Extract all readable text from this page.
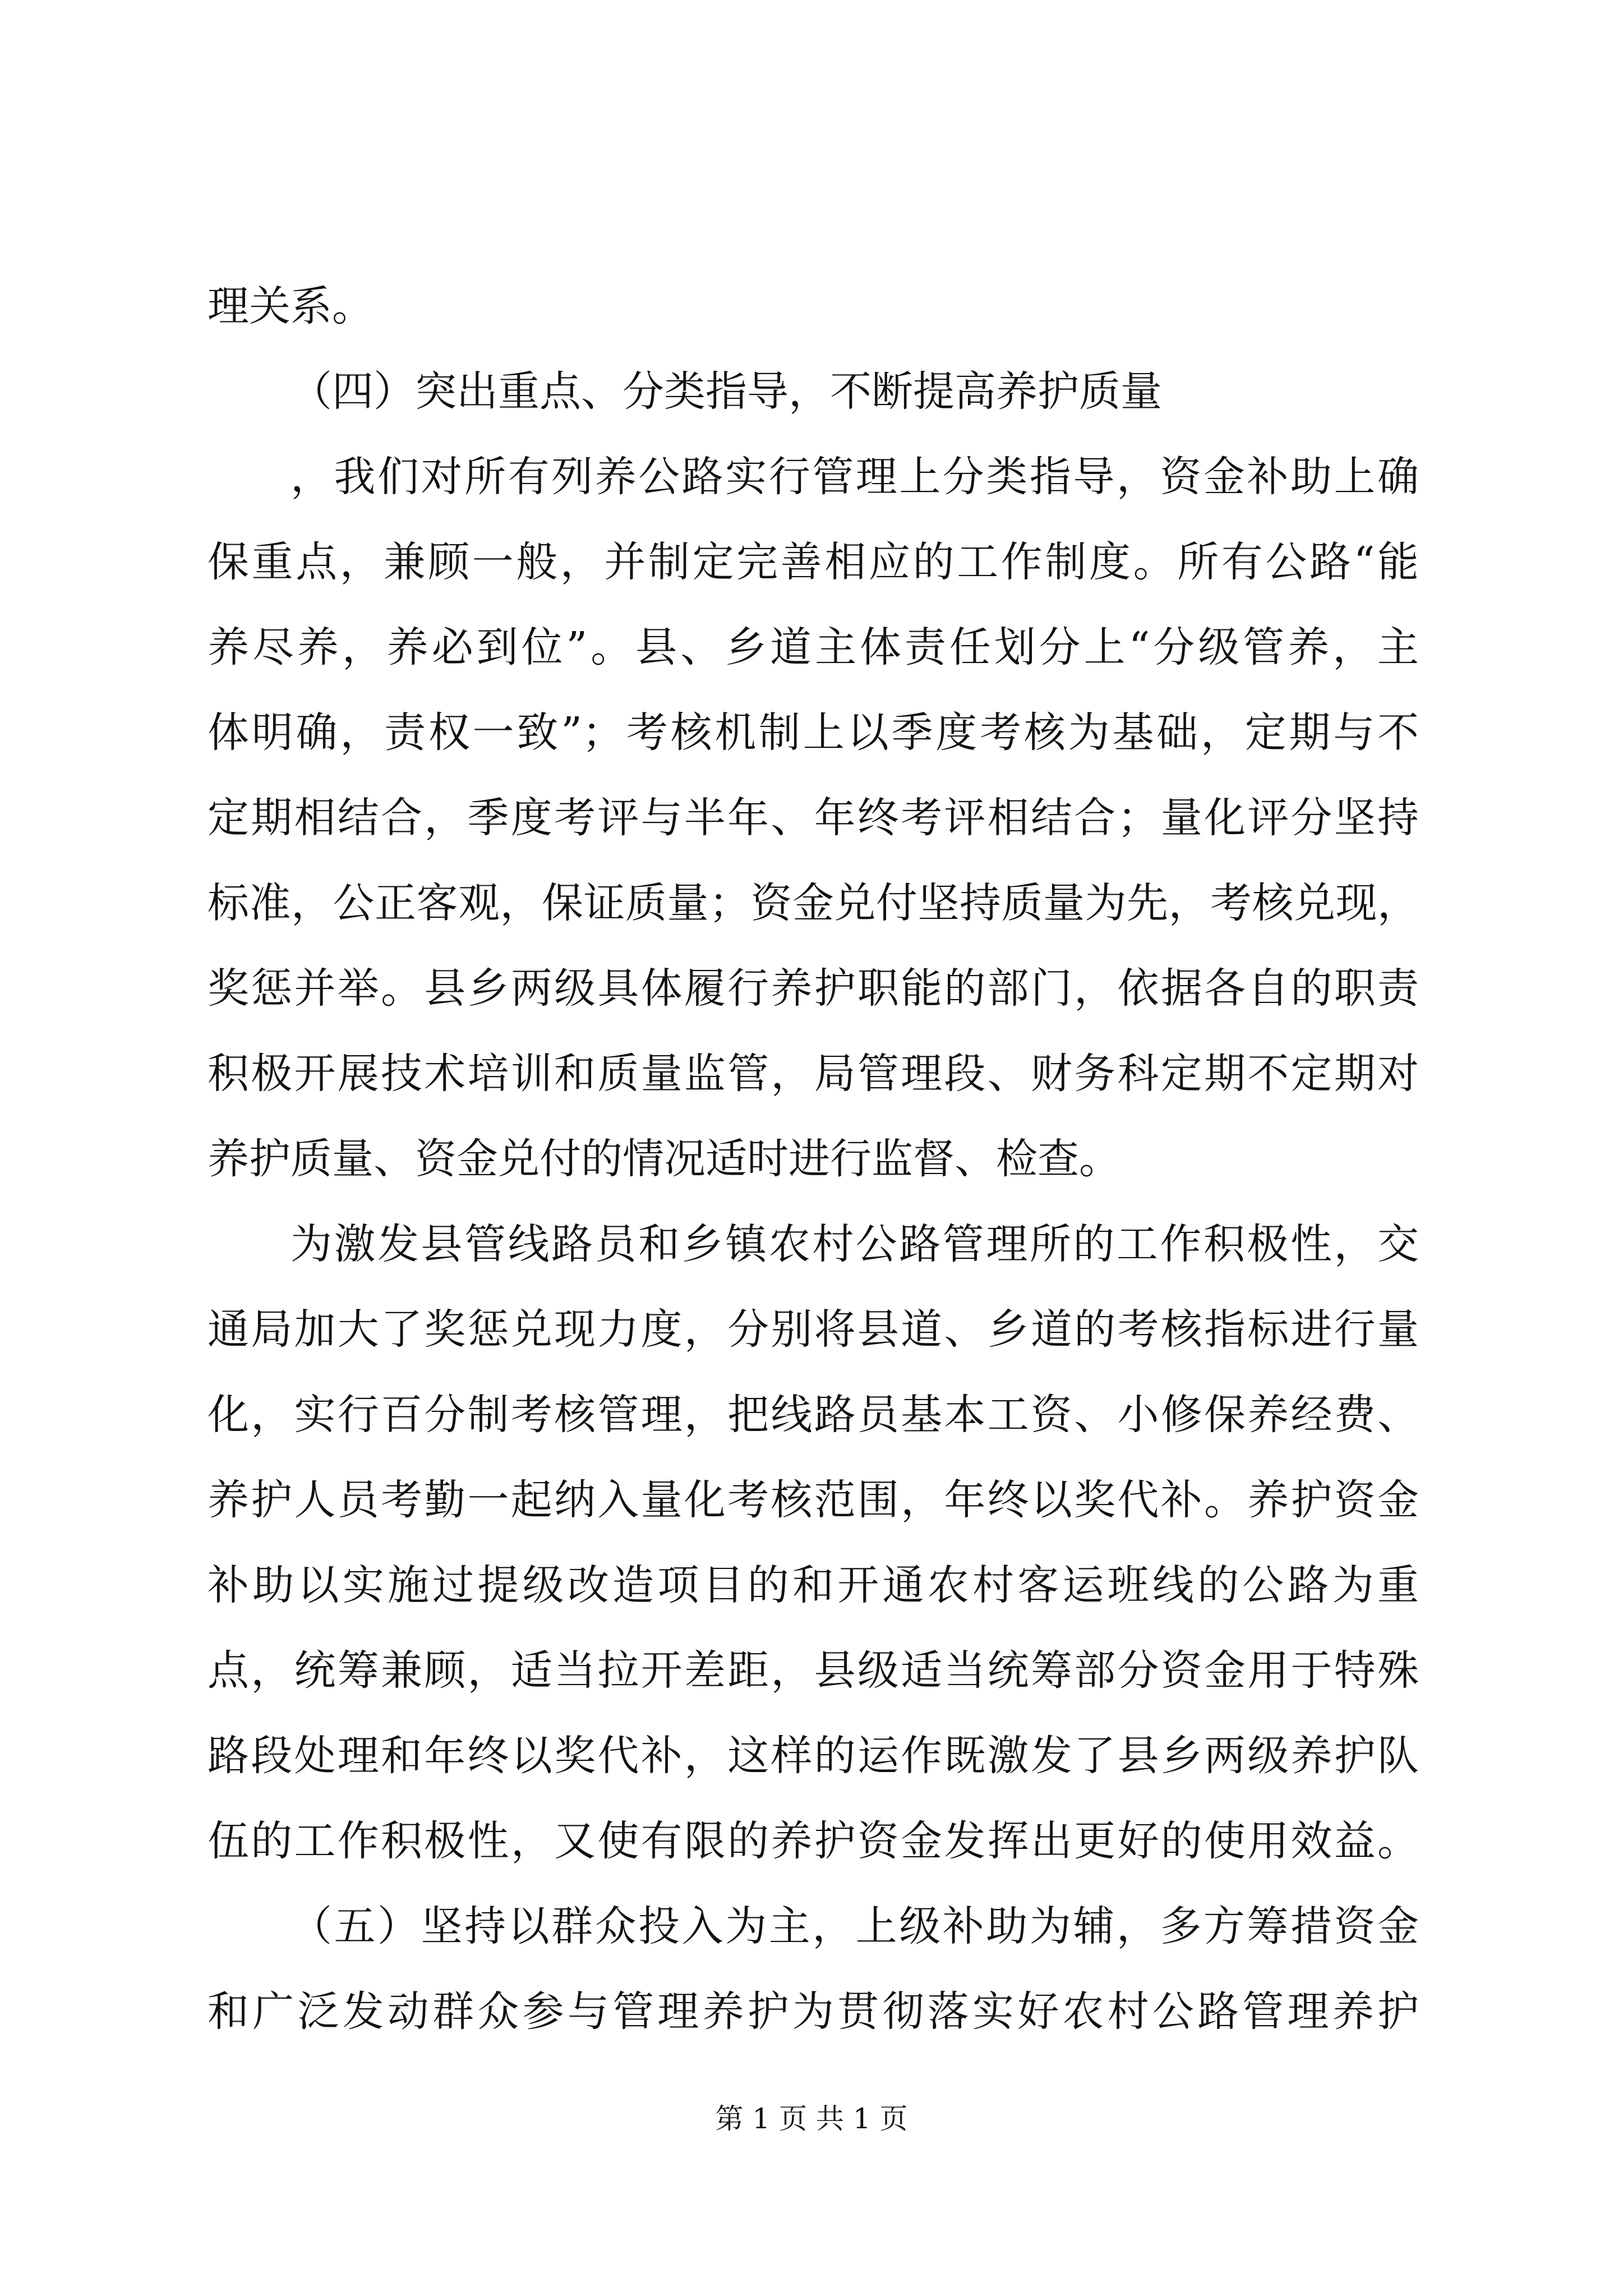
理关系。
（四）突出重点、分类指导，不断提高养护质量
，我们对所有列养公路实行管理上分类指导，资金补助上确
保重点，兼顾一般，并制定完善相应的工作制度。所有公路“能
养尽养，养必到位”。县、乡道主体责任划分上“分级管养，主
体明确，责权一致”；考核机制上以季度考核为基础，定期与不
定期相结合，季度考评与半年、年终考评相结合；量化评分坚持
标准，公正客观，保证质量；资金兑付坚持质量为先，考核兑现，
奖惩并举。县乡两级具体履行养护职能的部门，依据各自的职责
积极开展技术培训和质量监管，局管理段、财务科定期不定期对
养护质量、资金兑付的情况适时进行监督、检查。
为激发县管线路员和乡镇农村公路管理所的工作积极性，交
通局加大了奖惩兑现力度，分别将县道、乡道的考核指标进行量
化，实行百分制考核管理，把线路员基本工资、小修保养经费、
养护人员考勤一起纳入量化考核范围，年终以奖代补。养护资金
补助以实施过提级改造项目的和开通农村客运班线的公路为重
点，统筹兼顾，适当拉开差距，县级适当统筹部分资金用于特殊
路段处理和年终以奖代补，这样的运作既激发了县乡两级养护队
伍的工作积极性，又使有限的养护资金发挥出更好的使用效益。
（五）坚持以群众投入为主，上级补助为辅，多方筹措资金
和广泛发动群众参与管理养护为贯彻落实好农村公路管理养护
第 1 页 共 1 页
